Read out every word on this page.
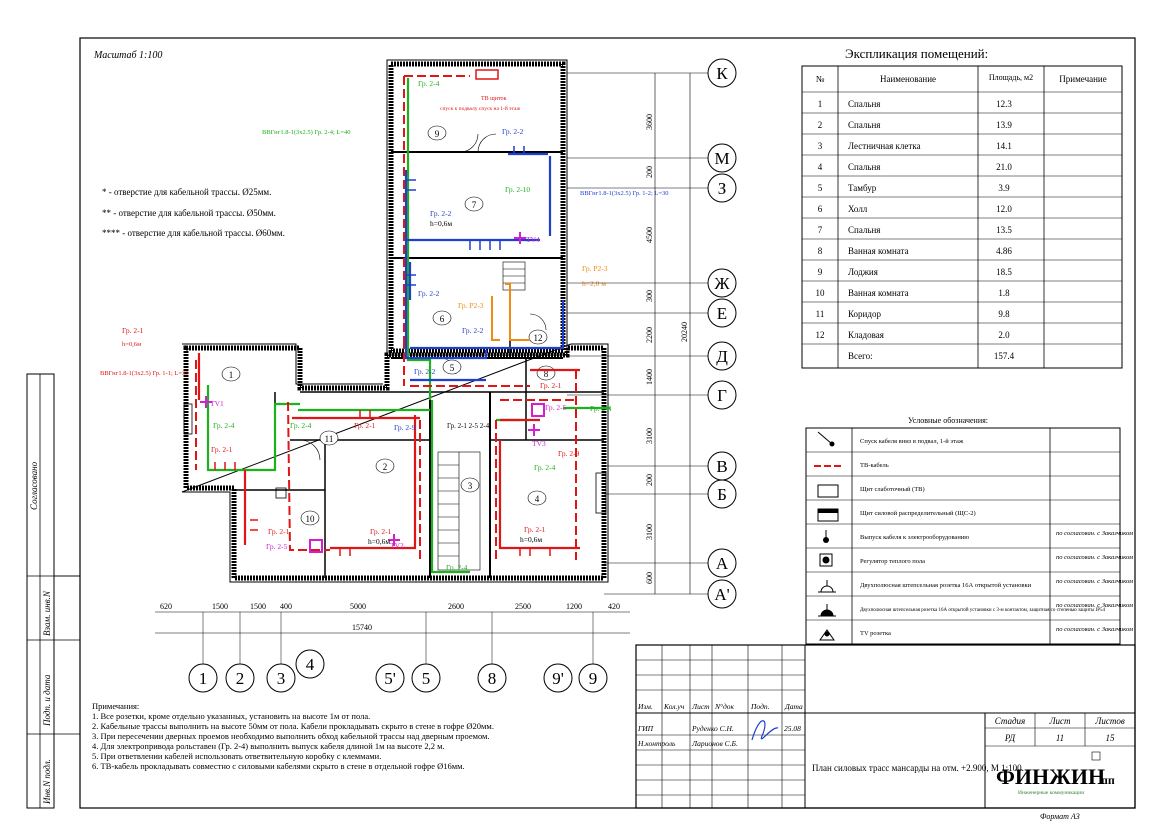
Согласовано
Взам. инв.N
Подп. и дата
Инв.N подл.
Масштаб 1:100
* - отверстие для кабельной трассы. Ø25мм.
** - отверстие для кабельной трассы. Ø50мм.
**** - отверстие для кабельной трассы. Ø60мм.
1
2
3
4
5
6
7
8
9
10
11
12
Гр. 2-4
ТВ щиток
спуск к подвалу спуск на 1-й этаж
Гр. 2-2
Гр. 2-10
Гр. 2-2
h=0,6м
Гр. 2-2
Гр. Р2-3
Гр. 2-2
Гр. 2-2
Гр. Р2-3
h=2,0 м
ВВГнг1.8-1(3х2.5) Гр. 2-4; L=40
ВВГнг1.8-1(3х2.5) Гр. 1-2; L=30
ВВГнг1.8-1(3х2.5) Гр. 1-1; L=35
Гр. 2-1
h=0,6м
TV1
Гр. 2-4
Гр. 2-1
Гр. 2-4	Гр. 2-1 Гр. 2-9	Гр. 2-1 2-5 2-4
Гр. 2-1
Гр. 2-5	Гр. 2-4
TV3
Гр. 2-9
Гр. 2-4
Гр. 2-1
h=0,6м
Гр. 2-1
h=0,6м TV2
Гр. 2-1
Гр. 2-5
TV4
Гр. 2-4
К
М
З
Ж
Е
Д
Г
В
Б
А
А'
3600
200
4500
300
2200
1400
3100
200
3100
600
20240
620	1500	1500 400	5000	2600	2500	1200	420
15740
1 2 3
4
5' 5	8	9' 9
Экспликация помещений:
№	Наименование	Площадь, м2	Примечание
1	Спальня	12.3
2	Спальня	13.9
3	Лестничная клетка	14.1
4	Спальня	21.0
5	Тамбур	3.9
6	Холл	12.0
7	Спальня	13.5
8	Ванная комната	4.86
9	Лоджия	18.5
10	Ванная комната	1.8
11	Коридор	9.8
12	Кладовая	2.0
Всего:	157.4
Условные обозначения:
Спуск кабеля вниз в подвал, 1-й этаж
ТВ-кабель
Щит слаботочный (ТВ)
Щит силовой распределительный (ЩС-2)
Выпуск кабеля к электрооборудованию
по согласован. с Заказчиком
Регулятор теплого пола
по согласован. с Заказчиком
Двухполюсная штепсельная розетка 16А открытой установки
по согласован. с Заказчиком
Двухполюсная штепсельная розетка 16А открытой установки с 3-м контактом, защитная со степенью защиты IP54
по согласован. с Заказчиком
TV розетка
по согласован. с Заказчиком
Примечания:
1. Все розетки, кроме отдельно указанных, установить на высоте 1м от пола.
2. Кабельные трассы выполнить на высоте 50мм от пола. Кабели прокладывать скрыто в стене в гофре Ø20мм.
3. При пересечении дверных проемов необходимо выполнить обход кабельной трассы над дверным проемом.
4. Для электропривода рольставен (Гр. 2-4) выполнить выпуск кабеля длиной 1м на высоте 2,2 м.
5. При ответвлении кабелей использовать ответвительную коробку с клеммами.
6. ТВ-кабель прокладывать совместно с силовыми кабелями скрыто в стене в отдельной гофре Ø16мм.
Изм. Кол.уч Лист N°док Подп. Дата
ГИП	Руденко С.Н.	25.08
Н.контроль Ларионов С.Б.
Стадия	Лист	Листов
РД	11	15
План силовых трасс мансарды на отм. +2.900, М 1:100.
ФИНЖИН
пп
Инженерные коммуникации
Формат А3
